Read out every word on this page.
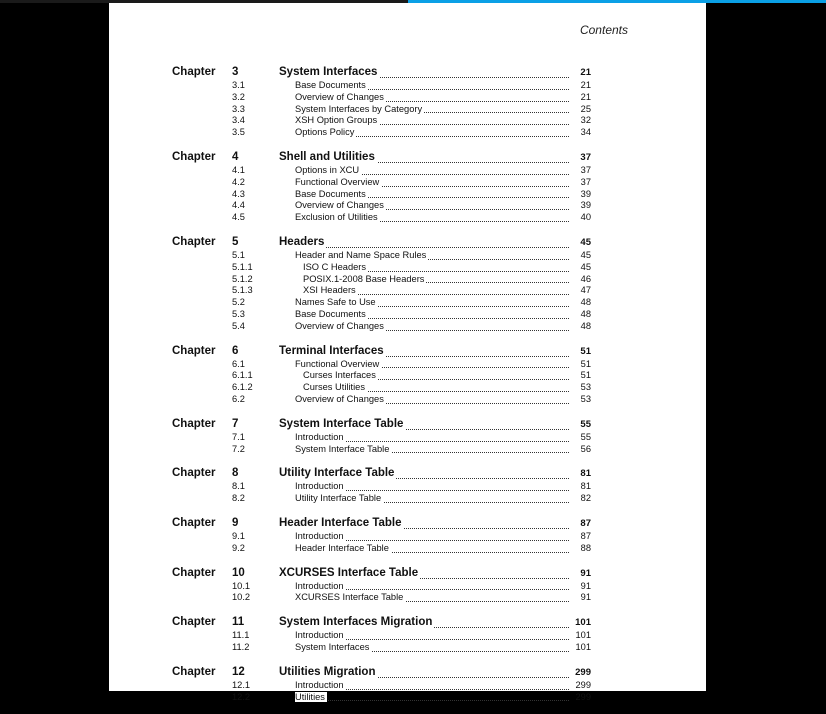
Contents
Chapter 3	System Interfaces	21
3.1	Base Documents	21
3.2	Overview of Changes	21
3.3	System Interfaces by Category	25
3.4	XSH Option Groups	32
3.5	Options Policy	34
Chapter 4	Shell and Utilities	37
4.1	Options in XCU	37
4.2	Functional Overview	37
4.3	Base Documents	39
4.4	Overview of Changes	39
4.5	Exclusion of Utilities	40
Chapter 5	Headers	45
5.1	Header and Name Space Rules	45
5.1.1	ISO C Headers	45
5.1.2	POSIX.1-2008 Base Headers	46
5.1.3	XSI Headers	47
5.2	Names Safe to Use	48
5.3	Base Documents	48
5.4	Overview of Changes	48
Chapter 6	Terminal Interfaces	51
6.1	Functional Overview	51
6.1.1	Curses Interfaces	51
6.1.2	Curses Utilities	53
6.2	Overview of Changes	53
Chapter 7	System Interface Table	55
7.1	Introduction	55
7.2	System Interface Table	56
Chapter 8	Utility Interface Table	81
8.1	Introduction	81
8.2	Utility Interface Table	82
Chapter 9	Header Interface Table	87
9.1	Introduction	87
9.2	Header Interface Table	88
Chapter 10	XCURSES Interface Table	91
10.1	Introduction	91
10.2	XCURSES Interface Table	91
Chapter 11	System Interfaces Migration	101
11.1	Introduction	101
11.2	System Interfaces	101
Chapter 12	Utilities Migration	299
12.1	Introduction	299
12.2	Utilities	299
